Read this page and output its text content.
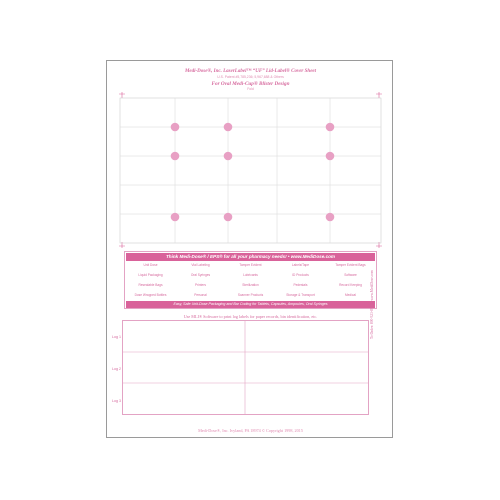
Medi-Dose®, Inc. LaserLabel™ “UF” Lid-Label® Cover Sheet
U.S. Patent #5,785,236; 5,967,688 & Others
For Oval Medi-Cup® Blister Design
Fold
Think Medi-Dose® / EPS® for all your pharmacy needs! • www.MediDose.com
Unit Dose	Vial Labeling	Tamper Evident	Labels/Tape	Tamper Evident Bags
Liquid Packaging	Oral Syringes	Lubricants	ID Products	Software
Resealable Bags	Printers	Sterilization	Pedestals	Record Keeping
Dose Wrapped Bottles	Personal	Scanner Products	Storage & Transport	Medical
Easy, Safe Unit-Dose Packaging and Bar Coding for Tablets, Capsules, Ampoules, Oral Syringes
Use MLI® Software to print log labels for paper records, bin identification, etc.
Log 1
Log 2
Log 3
Medi-Dose®, Inc. Ivyland, PA 18974 © Copyright 1998, 2015
To Order: 800-523-8966 • www.MediDose.com
